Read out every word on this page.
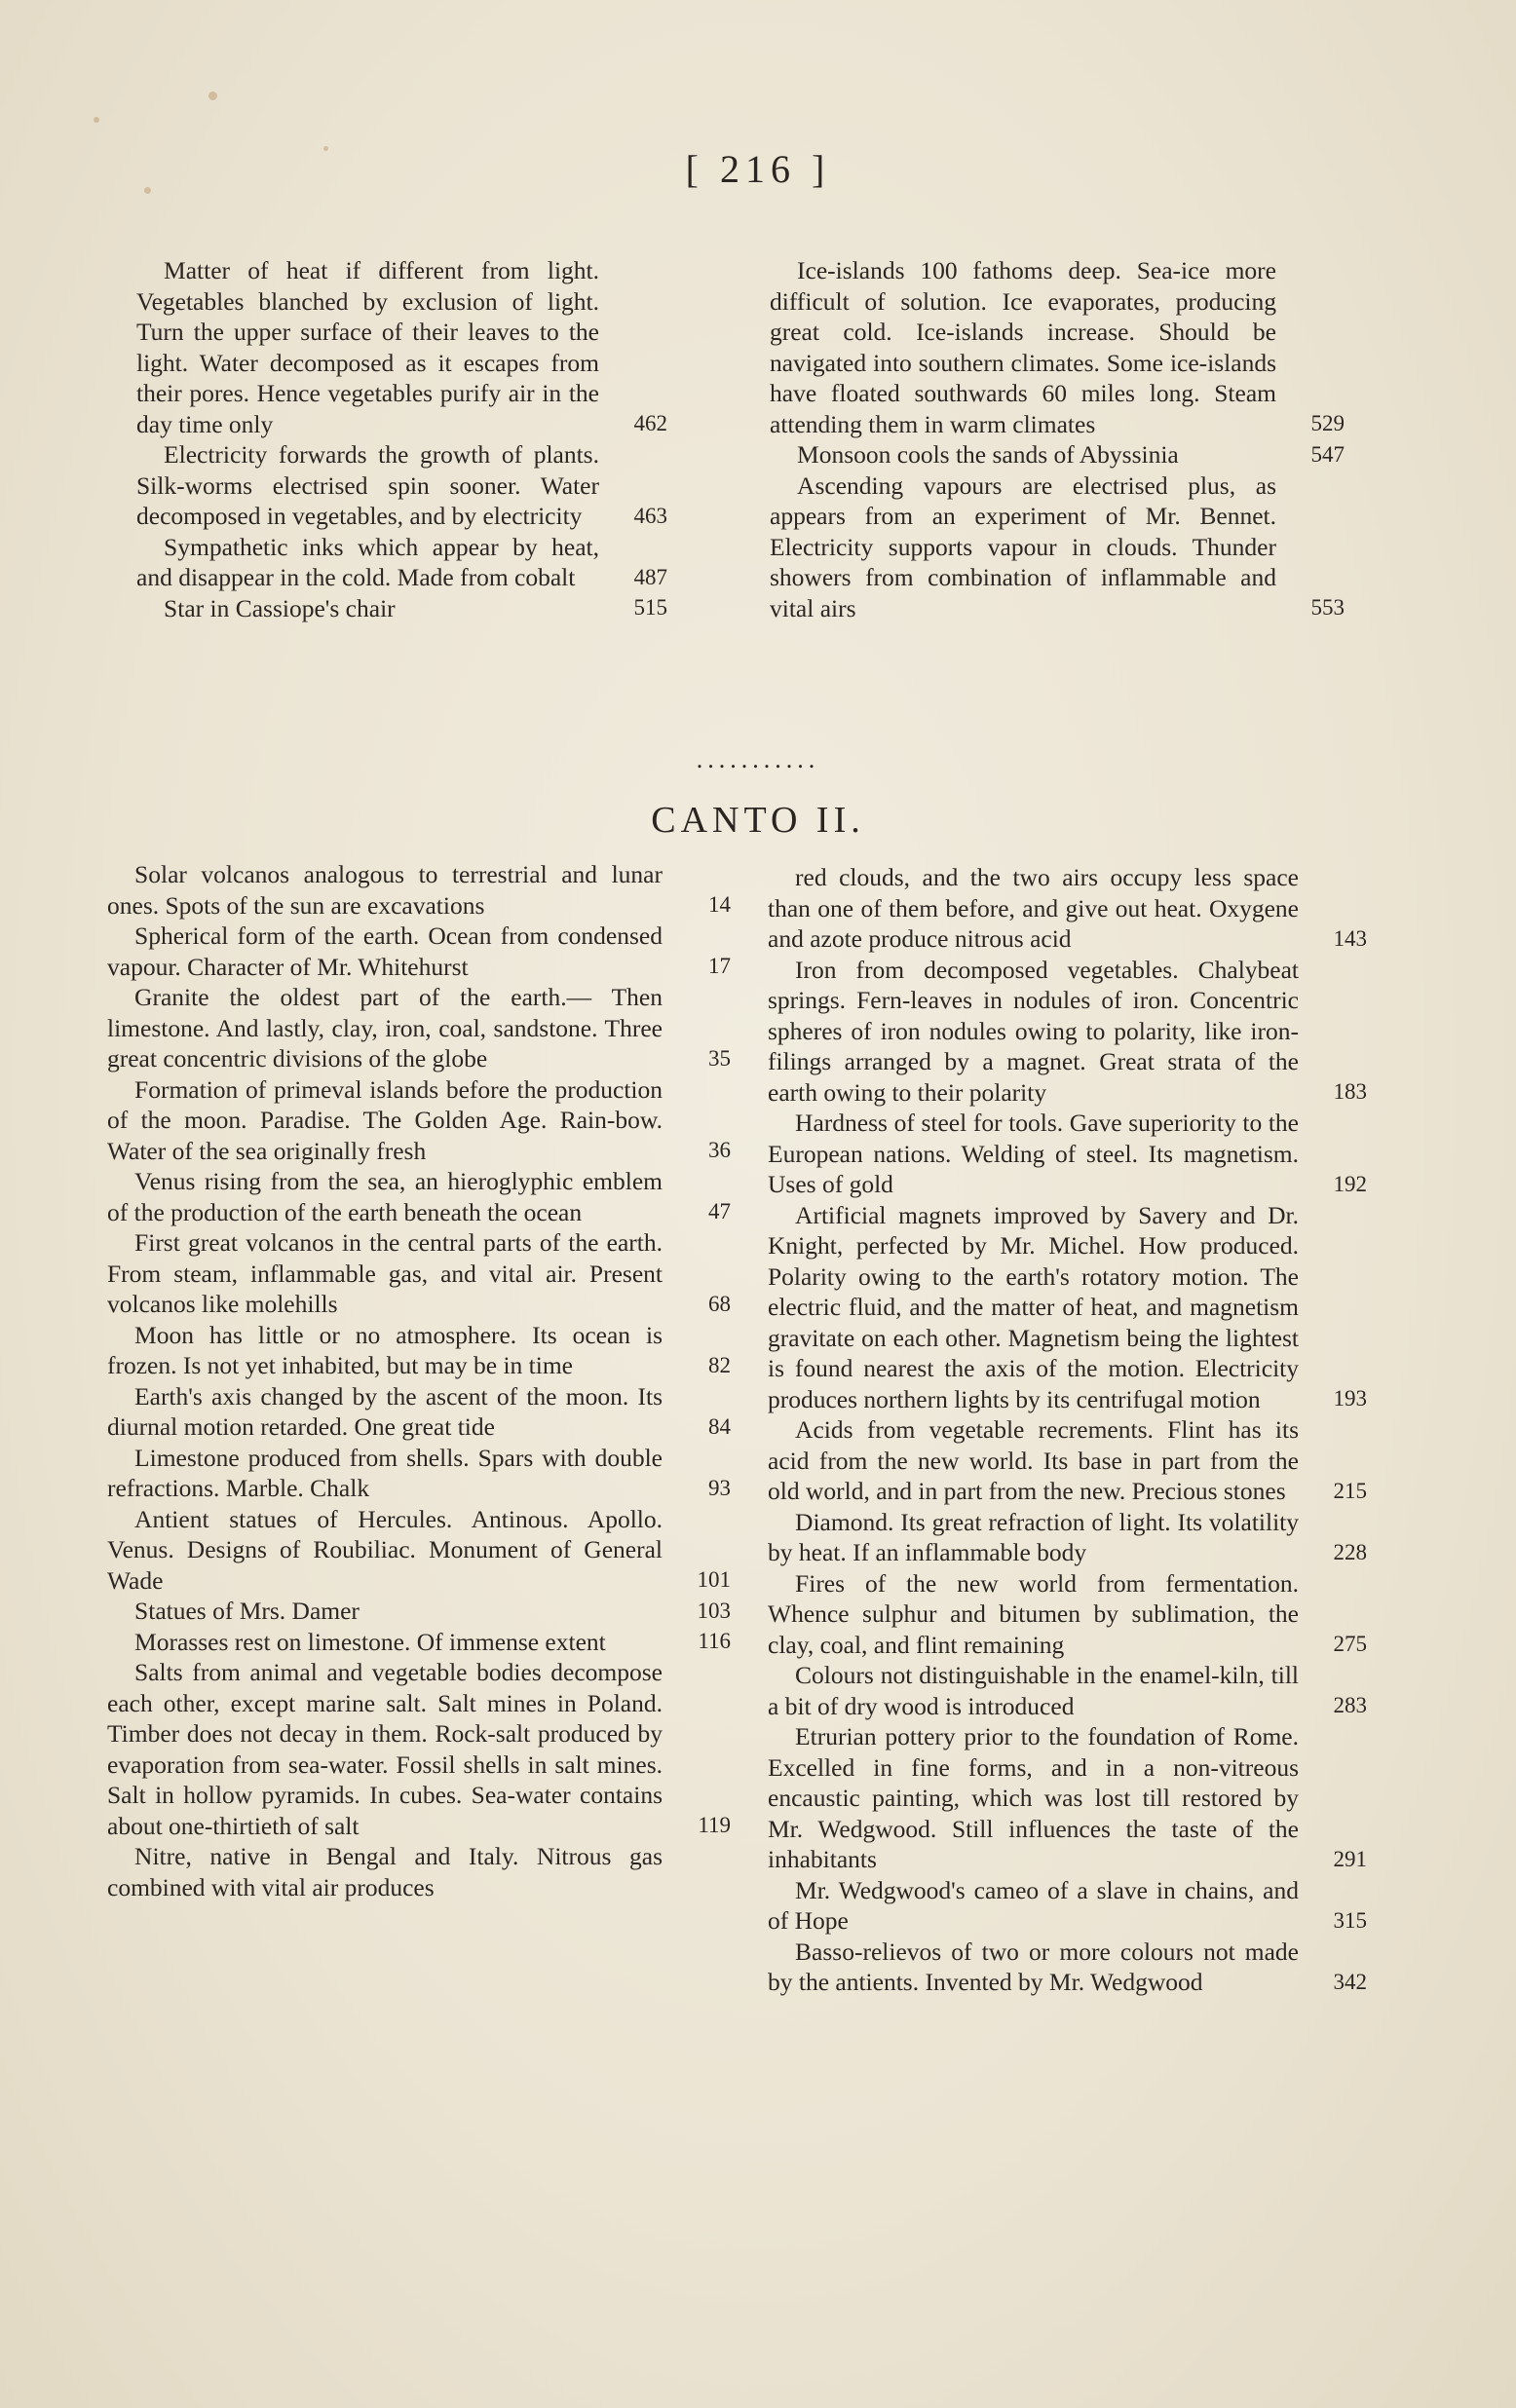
[ 216 ]
Matter of heat if different from light. Vegetables blanched by exclusion of light. Turn the upper surface of their leaves to the light. Water decomposed as it escapes from their pores. Hence vegetables purify air in the day time only	462
Electricity forwards the growth of plants. Silk-worms electrised spin sooner. Water decomposed in vegetables, and by electricity	463
Sympathetic inks which appear by heat, and disappear in the cold. Made from cobalt	487
Star in Cassiope's chair	515
Ice-islands 100 fathoms deep. Sea-ice more difficult of solution. Ice evaporates, producing great cold. Ice-islands increase. Should be navigated into southern climates. Some ice-islands have floated southwards 60 miles long. Steam attending them in warm climates	529
Monsoon cools the sands of Abyssinia	547
Ascending vapours are electrised plus, as appears from an experiment of Mr. Bennet. Electricity supports vapour in clouds. Thunder showers from combination of inflammable and vital airs	553
...........
CANTO II.
Solar volcanos analogous to terrestrial and lunar ones. Spots of the sun are excavations	14
Spherical form of the earth. Ocean from condensed vapour. Character of Mr. Whitehurst	17
Granite the oldest part of the earth.— Then limestone. And lastly, clay, iron, coal, sandstone. Three great concentric divisions of the globe	35
Formation of primeval islands before the production of the moon. Paradise. The Golden Age. Rain-bow. Water of the sea originally fresh	36
Venus rising from the sea, an hieroglyphic emblem of the production of the earth beneath the ocean	47
First great volcanos in the central parts of the earth. From steam, inflammable gas, and vital air. Present volcanos like molehills	68
Moon has little or no atmosphere. Its ocean is frozen. Is not yet inhabited, but may be in time	82
Earth's axis changed by the ascent of the moon. Its diurnal motion retarded. One great tide	84
Limestone produced from shells. Spars with double refractions. Marble. Chalk	93
Antient statues of Hercules. Antinous. Apollo. Venus. Designs of Roubiliac. Monument of General Wade	101
Statues of Mrs. Damer	103
Morasses rest on limestone. Of immense extent	116
Salts from animal and vegetable bodies decompose each other, except marine salt. Salt mines in Poland. Timber does not decay in them. Rock-salt produced by evaporation from sea-water. Fossil shells in salt mines. Salt in hollow pyramids. In cubes. Sea-water contains about one-thirtieth of salt	119
Nitre, native in Bengal and Italy. Nitrous gas combined with vital air produces
red clouds, and the two airs occupy less space than one of them before, and give out heat. Oxygene and azote produce nitrous acid	143
Iron from decomposed vegetables. Chalybeat springs. Fern-leaves in nodules of iron. Concentric spheres of iron nodules owing to polarity, like iron-filings arranged by a magnet. Great strata of the earth owing to their polarity	183
Hardness of steel for tools. Gave superiority to the European nations. Welding of steel. Its magnetism. Uses of gold	192
Artificial magnets improved by Savery and Dr. Knight, perfected by Mr. Michel. How produced. Polarity owing to the earth's rotatory motion. The electric fluid, and the matter of heat, and magnetism gravitate on each other. Magnetism being the lightest is found nearest the axis of the motion. Electricity produces northern lights by its centrifugal motion	193
Acids from vegetable recrements. Flint has its acid from the new world. Its base in part from the old world, and in part from the new. Precious stones	215
Diamond. Its great refraction of light. Its volatility by heat. If an inflammable body	228
Fires of the new world from fermentation. Whence sulphur and bitumen by sublimation, the clay, coal, and flint remaining	275
Colours not distinguishable in the enamel-kiln, till a bit of dry wood is introduced	283
Etrurian pottery prior to the foundation of Rome. Excelled in fine forms, and in a non-vitreous encaustic painting, which was lost till restored by Mr. Wedgwood. Still influences the taste of the inhabitants	291
Mr. Wedgwood's cameo of a slave in chains, and of Hope	315
Basso-relievos of two or more colours not made by the antients. Invented by Mr. Wedgwood	342
